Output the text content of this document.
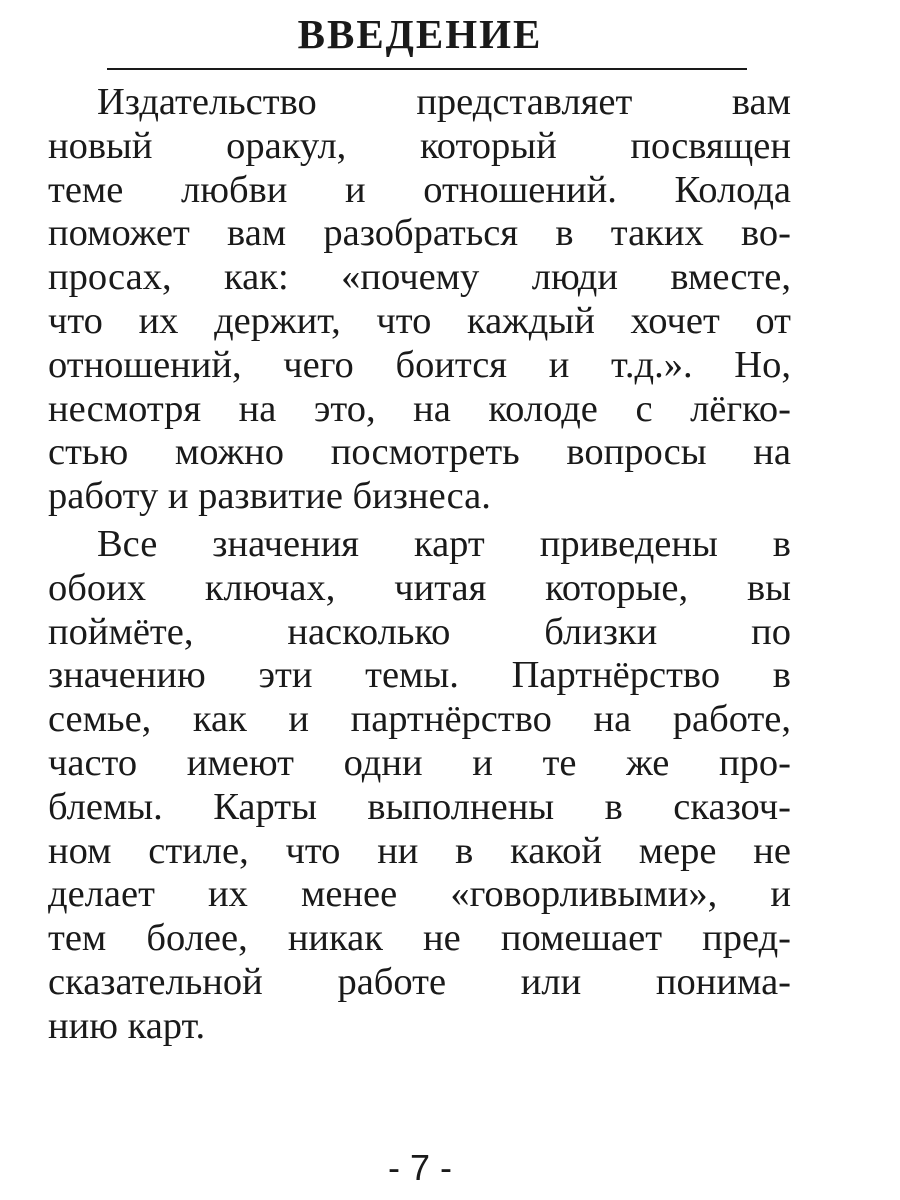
ВВЕДЕНИЕ
Издательство представляет вам
новый оракул, который посвящен
теме любви и отношений. Колода
поможет вам разобраться в таких во-
просах, как: «почему люди вместе,
что их держит, что каждый хочет от
отношений, чего боится и т.д.». Но,
несмотря на это, на колоде с лёгко-
стью можно посмотреть вопросы на
работу и развитие бизнеса.
Все значения карт приведены в
обоих ключах, читая которые, вы
поймёте, насколько близки по
значению эти темы. Партнёрство в
семье, как и партнёрство на работе,
часто имеют одни и те же про-
блемы. Карты выполнены в сказоч-
ном стиле, что ни в какой мере не
делает их менее «говорливыми», и
тем более, никак не помешает пред-
сказательной работе или понима-
нию карт.
- 7 -
